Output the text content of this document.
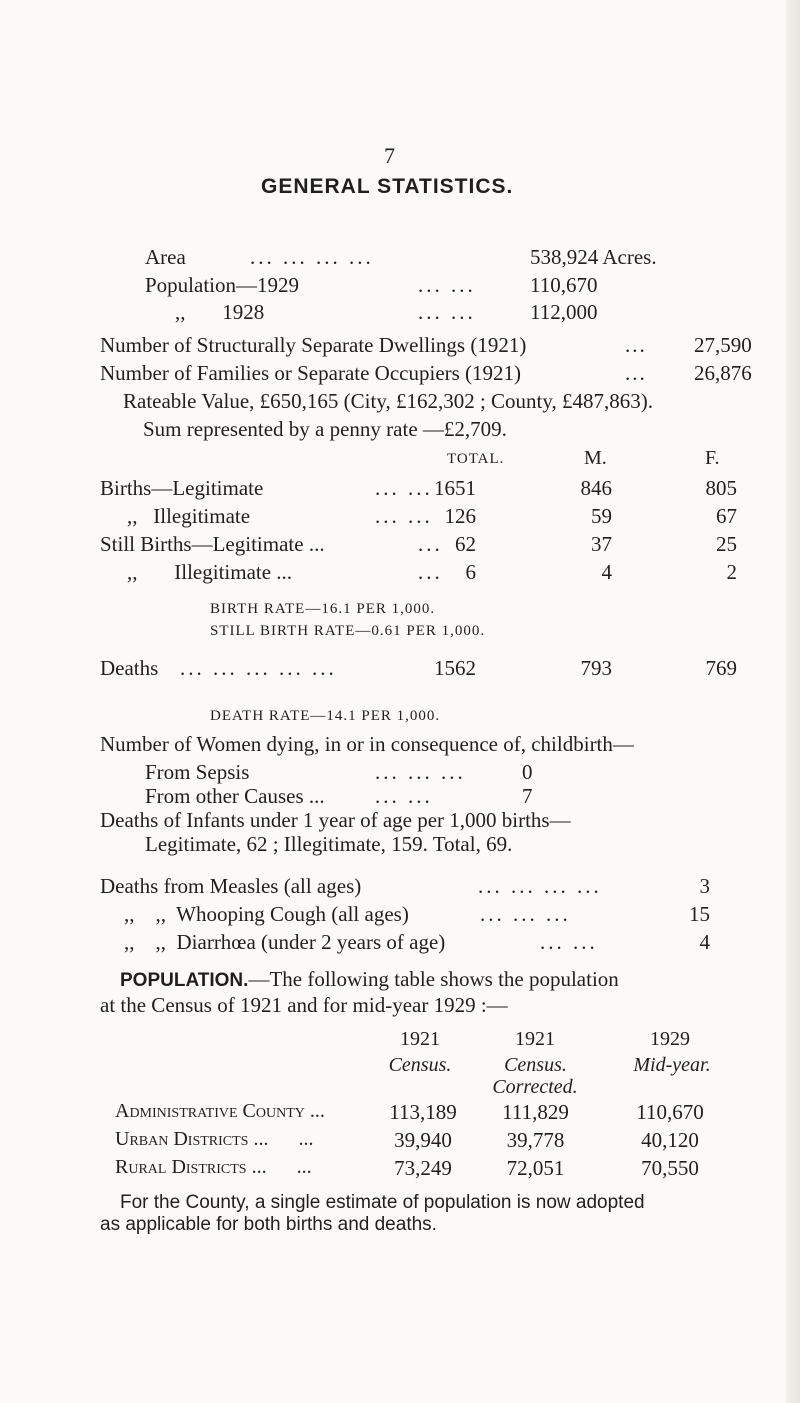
7
GENERAL STATISTICS.
Area	... ... ... ...	538,924 Acres.
Population—1929	... ...	110,670
,,       1928	... ...	112,000
Number of Structurally Separate Dwellings (1921)	... 27,590
Number of Families or Separate Occupiers (1921)	... 26,876
Rateable Value, £650,165 (City, £162,302 ; County, £487,863).
Sum represented by a penny rate —£2,709.
TOTAL.	M.	F.
Births—Legitimate	... ... 1651	846	805
,,   Illegitimate	... ... 126	59	67
Still Births—Legitimate ...	... 62	37	25
,,       Illegitimate ...	...	6	4	2
BIRTH RATE—16.1 PER 1,000.
STILL BIRTH RATE—0.61 PER 1,000.
Deaths ... ... ... ... ...	1562	793	769
DEATH RATE—14.1 PER 1,000.
Number of Women dying, in or in consequence of, childbirth—
From Sepsis	... ... ...	0
From other Causes ... ... ...	7
Deaths of Infants under 1 year of age per 1,000 births—
Legitimate, 62 ; Illegitimate, 159. Total, 69.
Deaths from Measles (all ages)	... ... ... ...	3
,,    ,,  Whooping Cough (all ages)	... ... ...	15
,,    ,,  Diarrhœa (under 2 years of age)	... ...	4
POPULATION.—The following table shows the population
at the Census of 1921 and for mid-year 1929 :—
1921	1921	1929
Census.	Census.	Mid-year.
Corrected.
Administrative County ...	113,189	111,829	110,670
Urban Districts ...      ...	39,940	39,778	40,120
Rural Districts ...      ...	73,249	72,051	70,550
For the County, a single estimate of population is now adopted
as applicable for both births and deaths.
